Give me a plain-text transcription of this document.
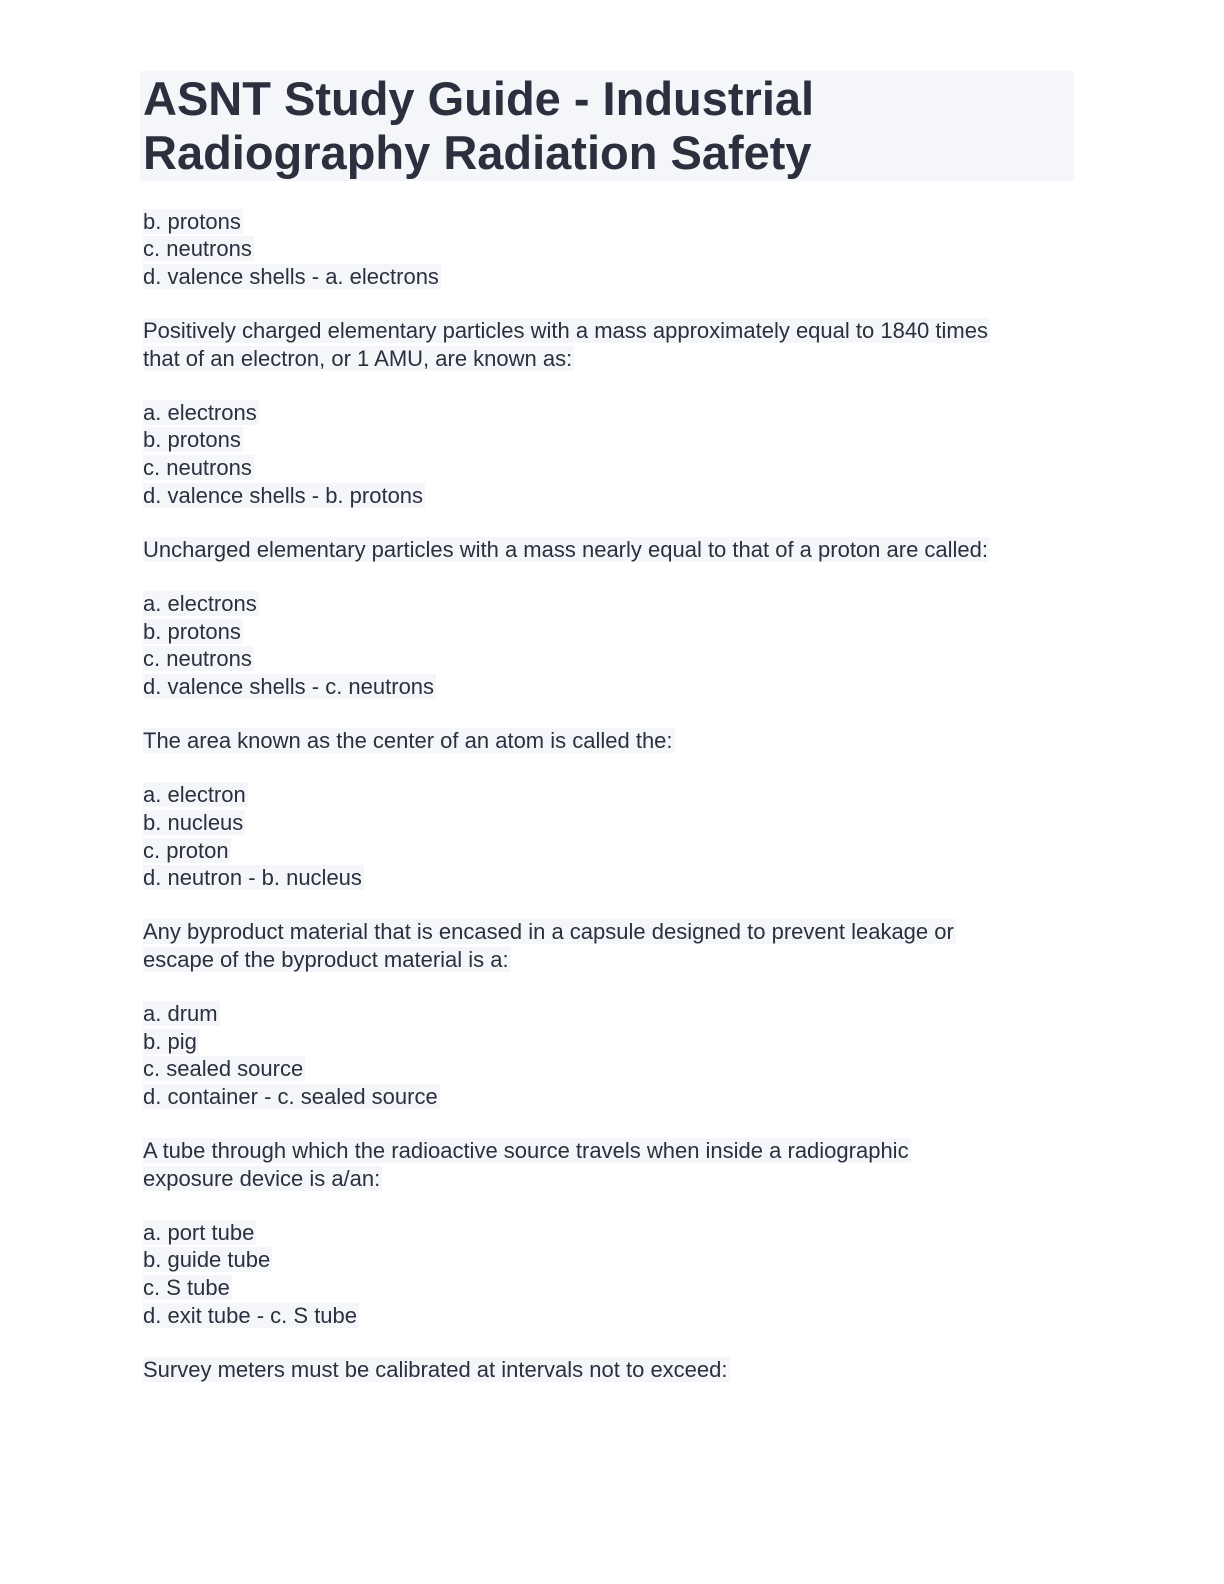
ASNT Study Guide - Industrial
Radiography Radiation Safety
b. protons
c. neutrons
d. valence shells - a. electrons
Positively charged elementary particles with a mass approximately equal to 1840 times
that of an electron, or 1 AMU, are known as:
a. electrons
b. protons
c. neutrons
d. valence shells - b. protons
Uncharged elementary particles with a mass nearly equal to that of a proton are called:
a. electrons
b. protons
c. neutrons
d. valence shells - c. neutrons
The area known as the center of an atom is called the:
a. electron
b. nucleus
c. proton
d. neutron - b. nucleus
Any byproduct material that is encased in a capsule designed to prevent leakage or
escape of the byproduct material is a:
a. drum
b. pig
c. sealed source
d. container - c. sealed source
A tube through which the radioactive source travels when inside a radiographic
exposure device is a/an:
a. port tube
b. guide tube
c. S tube
d. exit tube - c. S tube
Survey meters must be calibrated at intervals not to exceed:
